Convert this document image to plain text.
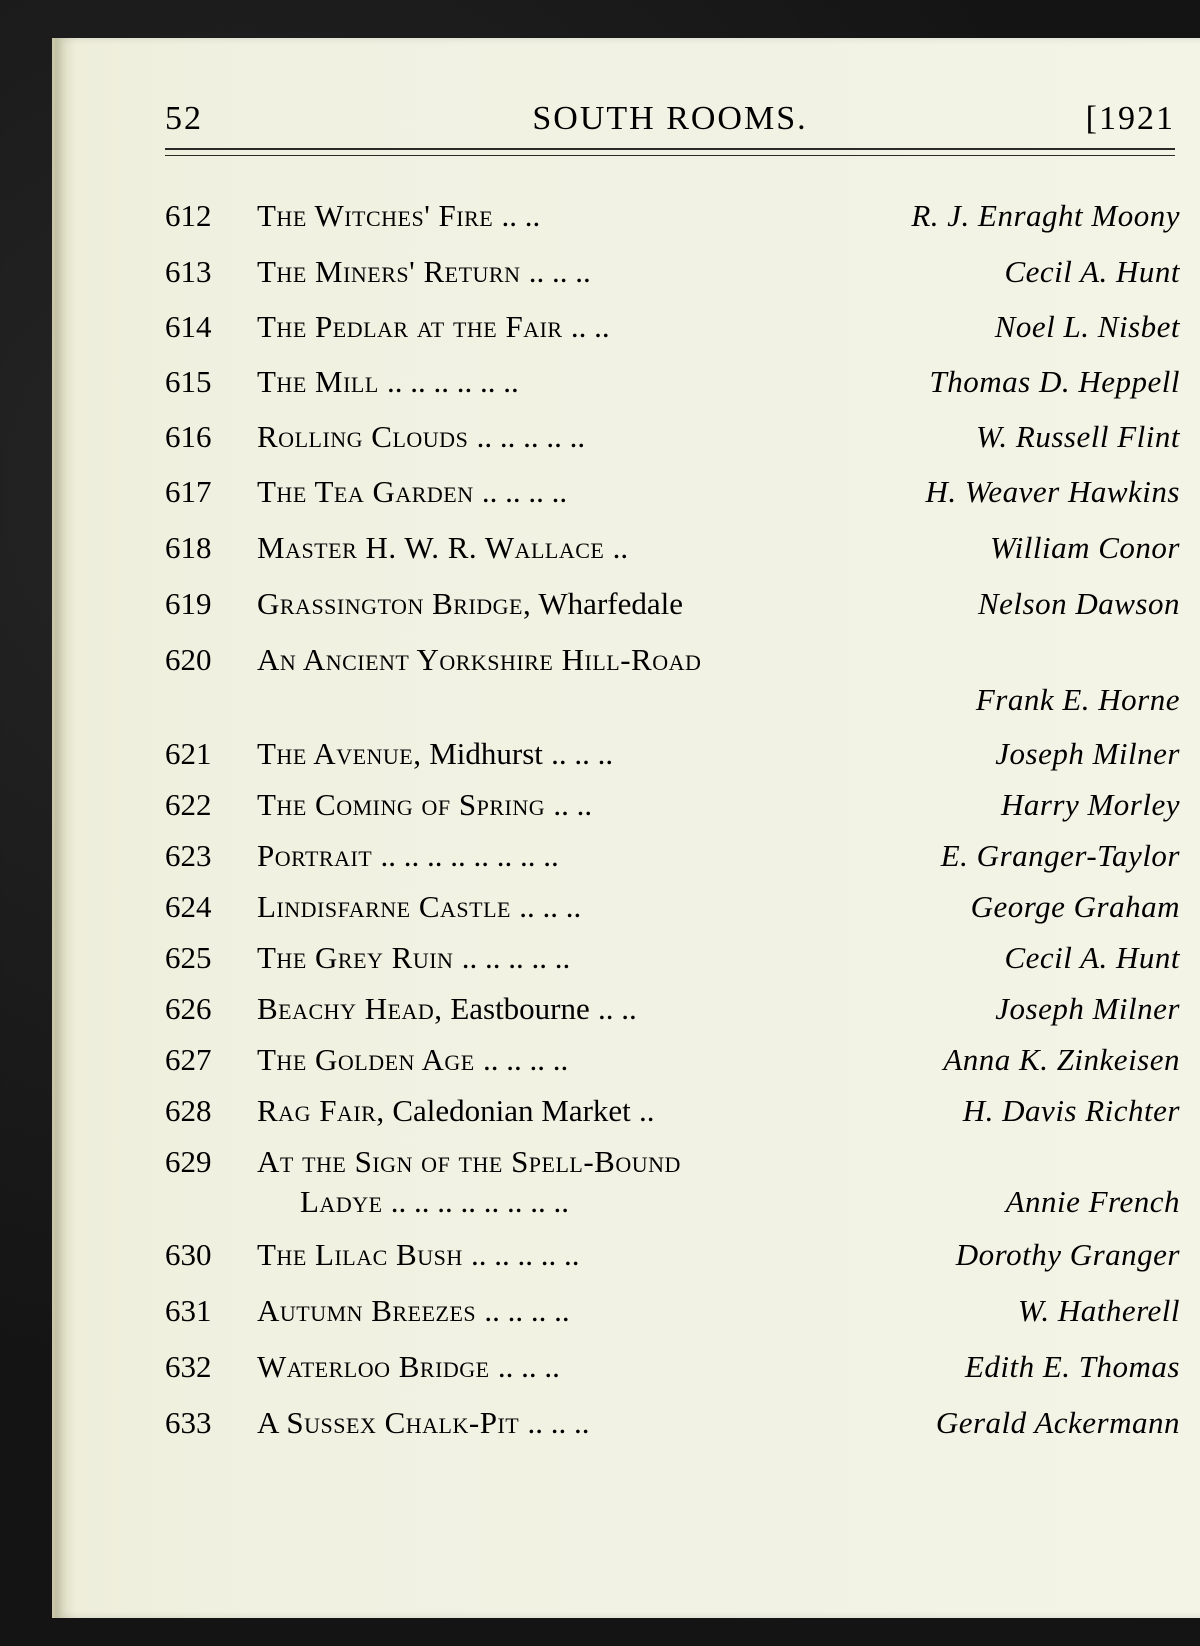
52	SOUTH ROOMS.	[1921
612 The Witches' Fire .. ..	R. J. Enraght Moony
613 The Miners' Return .. .. ..	Cecil A. Hunt
614 The Pedlar at the Fair .. ..	Noel L. Nisbet
615 The Mill .. .. .. .. .. ..	Thomas D. Heppell
616 Rolling Clouds .. .. .. .. ..	W. Russell Flint
617 The Tea Garden .. .. .. ..	H. Weaver Hawkins
618 Master H. W. R. Wallace ..	William Conor
619 Grassington Bridge, Wharfedale	Nelson Dawson
620 An Ancient Yorkshire Hill-Road
Frank E. Horne
621 The Avenue, Midhurst .. .. ..	Joseph Milner
622 The Coming of Spring .. ..	Harry Morley
623 Portrait .. .. .. .. .. .. .. ..	E. Granger-Taylor
624 Lindisfarne Castle .. .. ..	George Graham
625 The Grey Ruin .. .. .. .. ..	Cecil A. Hunt
626 Beachy Head, Eastbourne .. ..	Joseph Milner
627 The Golden Age .. .. .. ..	Anna K. Zinkeisen
628 Rag Fair, Caledonian Market ..	H. Davis Richter
629 At the Sign of the Spell-Bound
Ladye .. .. .. .. .. .. .. ..	Annie French
630 The Lilac Bush .. .. .. .. ..	Dorothy Granger
631 Autumn Breezes .. .. .. ..	W. Hatherell
632 Waterloo Bridge .. .. ..	Edith E. Thomas
633 A Sussex Chalk-Pit .. .. ..	Gerald Ackermann
